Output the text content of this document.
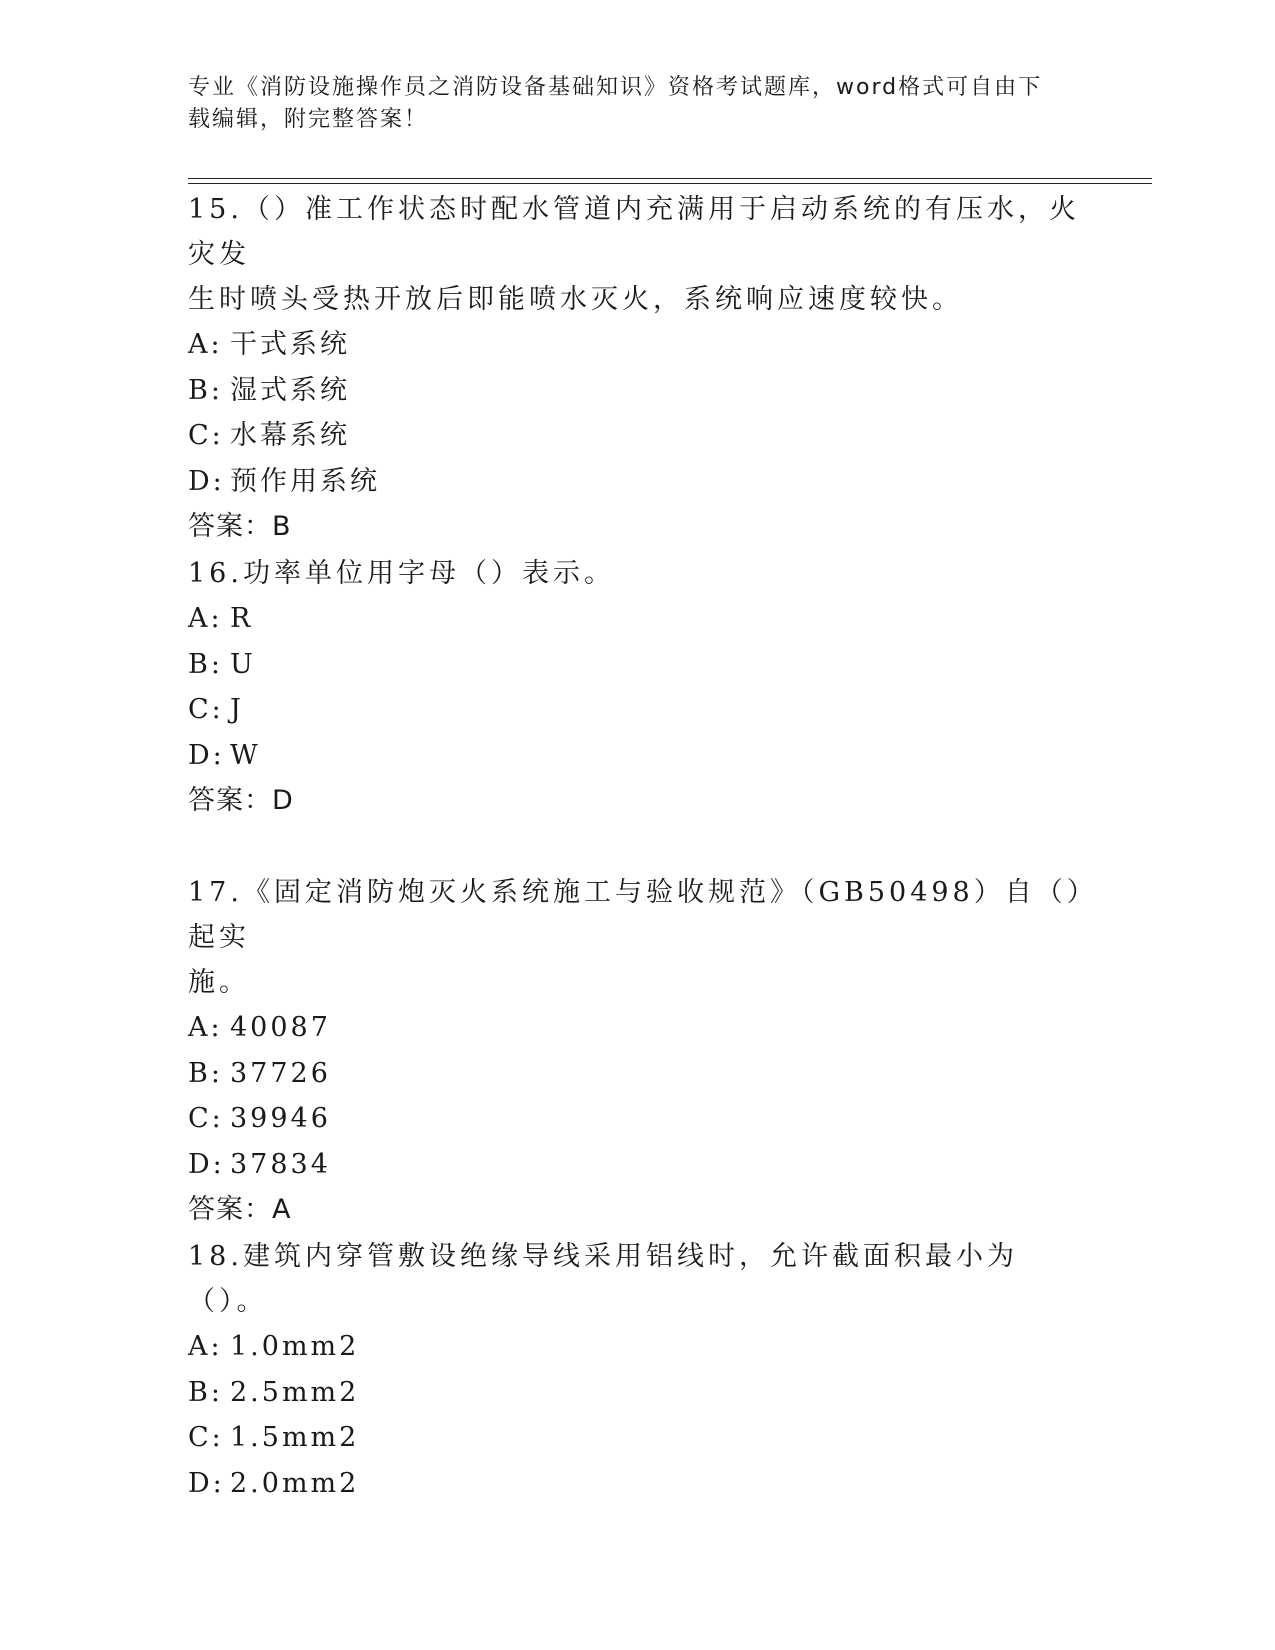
专业《消防设施操作员之消防设备基础知识》资格考试题库，word格式可自由下
载编辑，附完整答案！

15.（）准工作状态时配水管道内充满用于启动系统的有压水，火灾发

生时喷头受热开放后即能喷水灭火，系统响应速度较快。

A: 干式系统

B: 湿式系统

C: 水幕系统

D: 预作用系统

答案：B

16.功率单位用字母（）表示。

A: R

B: U

C: J

D: W

答案：D

17.《固定消防炮灭火系统施工与验收规范》（GB50498）自（）起实

施。

A: 40087

B: 37726

C: 39946

D: 37834

答案：A

18.建筑内穿管敷设绝缘导线采用铝线时，允许截面积最小为（）。

A: 1.0mm2

B: 2.5mm2

C: 1.5mm2

D: 2.0mm2
